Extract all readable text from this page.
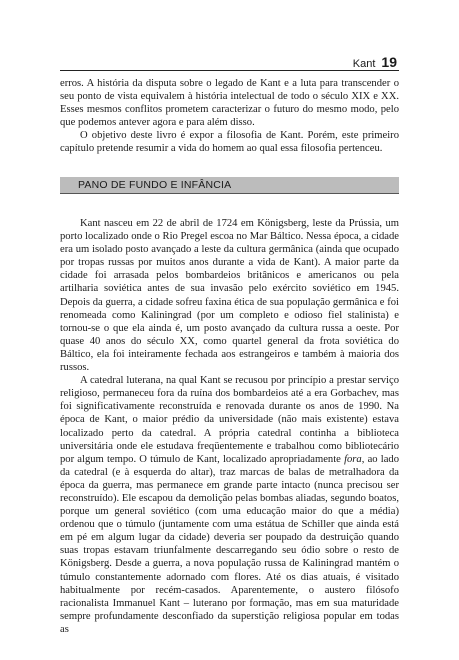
Kant 19

erros. A história da disputa sobre o legado de Kant e a luta para transcender o seu ponto de vista equivalem à história intelectual de todo o século XIX e XX. Esses mesmos conflitos prometem caracterizar o futuro do mesmo modo, pelo que podemos antever agora e para além disso.

O objetivo deste livro é expor a filosofia de Kant. Porém, este primeiro capítulo pretende resumir a vida do homem ao qual essa filosofia pertenceu.

PANO DE FUNDO E INFÂNCIA

Kant nasceu em 22 de abril de 1724 em Königsberg, leste da Prússia, um porto localizado onde o Rio Pregel escoa no Mar Báltico. Nessa época, a cidade era um isolado posto avançado a leste da cultura germânica (ainda que ocupado por tropas russas por muitos anos durante a vida de Kant). A maior parte da cidade foi arrasada pelos bombardeios britânicos e americanos ou pela artilharia soviética antes de sua invasão pelo exército soviético em 1945. Depois da guerra, a cidade sofreu faxina ética de sua população germânica e foi renomeada como Kaliningrad (por um completo e odioso fiel stalinista) e tornou-se o que ela ainda é, um posto avançado da cultura russa a oeste. Por quase 40 anos do século XX, como quartel general da frota soviética do Báltico, ela foi inteiramente fechada aos estrangeiros e também à maioria dos russos.

A catedral luterana, na qual Kant se recusou por princípio a prestar serviço religioso, permaneceu fora da ruína dos bombardeios até a era Gorbachev, mas foi significativamente reconstruída e renovada durante os anos de 1990. Na época de Kant, o maior prédio da universidade (não mais existente) estava localizado perto da catedral. A própria catedral continha a biblioteca universitária onde ele estudava freqüentemente e trabalhou como bibliotecário por algum tempo. O túmulo de Kant, localizado apropriadamente fora, ao lado da catedral (e à esquerda do altar), traz marcas de balas de metralhadora da época da guerra, mas permanece em grande parte intacto (nunca precisou ser reconstruído). Ele escapou da demolição pelas bombas aliadas, segundo boatos, porque um general soviético (com uma educação maior do que a média) ordenou que o túmulo (juntamente com uma estátua de Schiller que ainda está em pé em algum lugar da cidade) deveria ser poupado da destruição quando suas tropas estavam triunfalmente descarregando seu ódio sobre o resto de Königsberg. Desde a guerra, a nova população russa de Kaliningrad mantém o túmulo constantemente adornado com flores. Até os dias atuais, é visitado habitualmente por recém-casados. Aparentemente, o austero filósofo racionalista Immanuel Kant – luterano por formação, mas em sua maturidade sempre profundamente desconfiado da superstição religiosa popular em todas as
